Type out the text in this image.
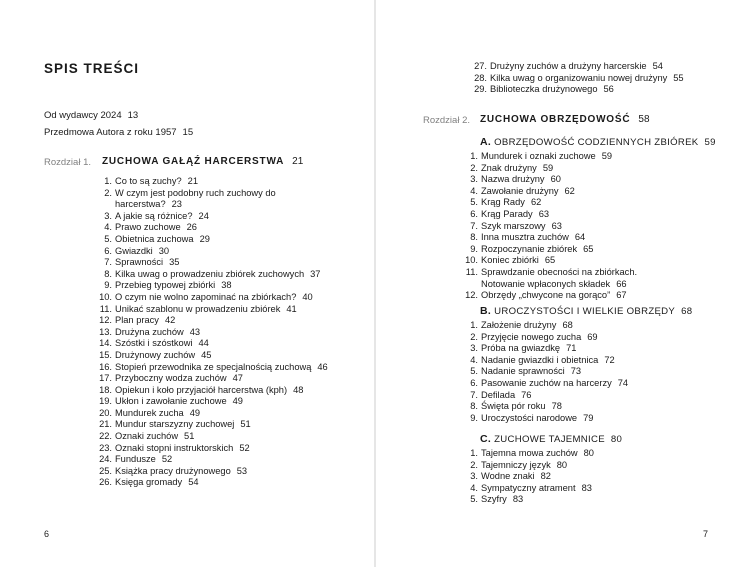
SPIS TREŚCI
Od wydawcy 2024 13
Przedmowa Autora z roku 1957 15
Rozdział 1. ZUCHOWA GAŁĄŹ HARCERSTWA 21
1. Co to są zuchy? 21
2. W czym jest podobny ruch zuchowy do
harcerstwa? 23
3. A jakie są różnice? 24
4. Prawo zuchowe 26
5. Obietnica zuchowa 29
6. Gwiazdki 30
7. Sprawności 35
8. Kilka uwag o prowadzeniu zbiórek zuchowych 37
9. Przebieg typowej zbiórki 38
10. O czym nie wolno zapominać na zbiórkach? 40
11. Unikać szablonu w prowadzeniu zbiórek 41
12. Plan pracy 42
13. Drużyna zuchów 43
14. Szóstki i szóstkowi 44
15. Drużynowy zuchów 45
16. Stopień przewodnika ze specjalnością zuchową 46
17. Przyboczny wodza zuchów 47
18. Opiekun i koło przyjaciół harcerstwa (kph) 48
19. Ukłon i zawołanie zuchowe 49
20. Mundurek zucha 49
21. Mundur starszyzny zuchowej 51
22. Oznaki zuchów 51
23. Oznaki stopni instruktorskich 52
24. Fundusze 52
25. Książka pracy drużynowego 53
26. Księga gromady 54
6
27. Drużyny zuchów a drużyny harcerskie 54
28. Kilka uwag o organizowaniu nowej drużyny 55
29. Biblioteczka drużynowego 56
Rozdział 2. ZUCHOWA OBRZĘDOWOŚĆ 58
A. OBRZĘDOWOŚĆ CODZIENNYCH ZBIÓREK 59
1. Mundurek i oznaki zuchowe 59
2. Znak drużyny 59
3. Nazwa drużyny 60
4. Zawołanie drużyny 62
5. Krąg Rady 62
6. Krąg Parady 63
7. Szyk marszowy 63
8. Inna musztra zuchów 64
9. Rozpoczynanie zbiórek 65
10. Koniec zbiórki 65
11. Sprawdzanie obecności na zbiórkach.
Notowanie wpłaconych składek 66
12. Obrzędy „chwycone na gorąco” 67
B. UROCZYSTOŚCI I WIELKIE OBRZĘDY 68
1. Założenie drużyny 68
2. Przyjęcie nowego zucha 69
3. Próba na gwiazdkę 71
4. Nadanie gwiazdki i obietnica 72
5. Nadanie sprawności 73
6. Pasowanie zuchów na harcerzy 74
7. Defilada 76
8. Święta pór roku 78
9. Uroczystości narodowe 79
C. ZUCHOWE TAJEMNICE 80
1. Tajemna mowa zuchów 80
2. Tajemniczy język 80
3. Wodne znaki 82
4. Sympatyczny atrament 83
5. Szyfry 83
7
